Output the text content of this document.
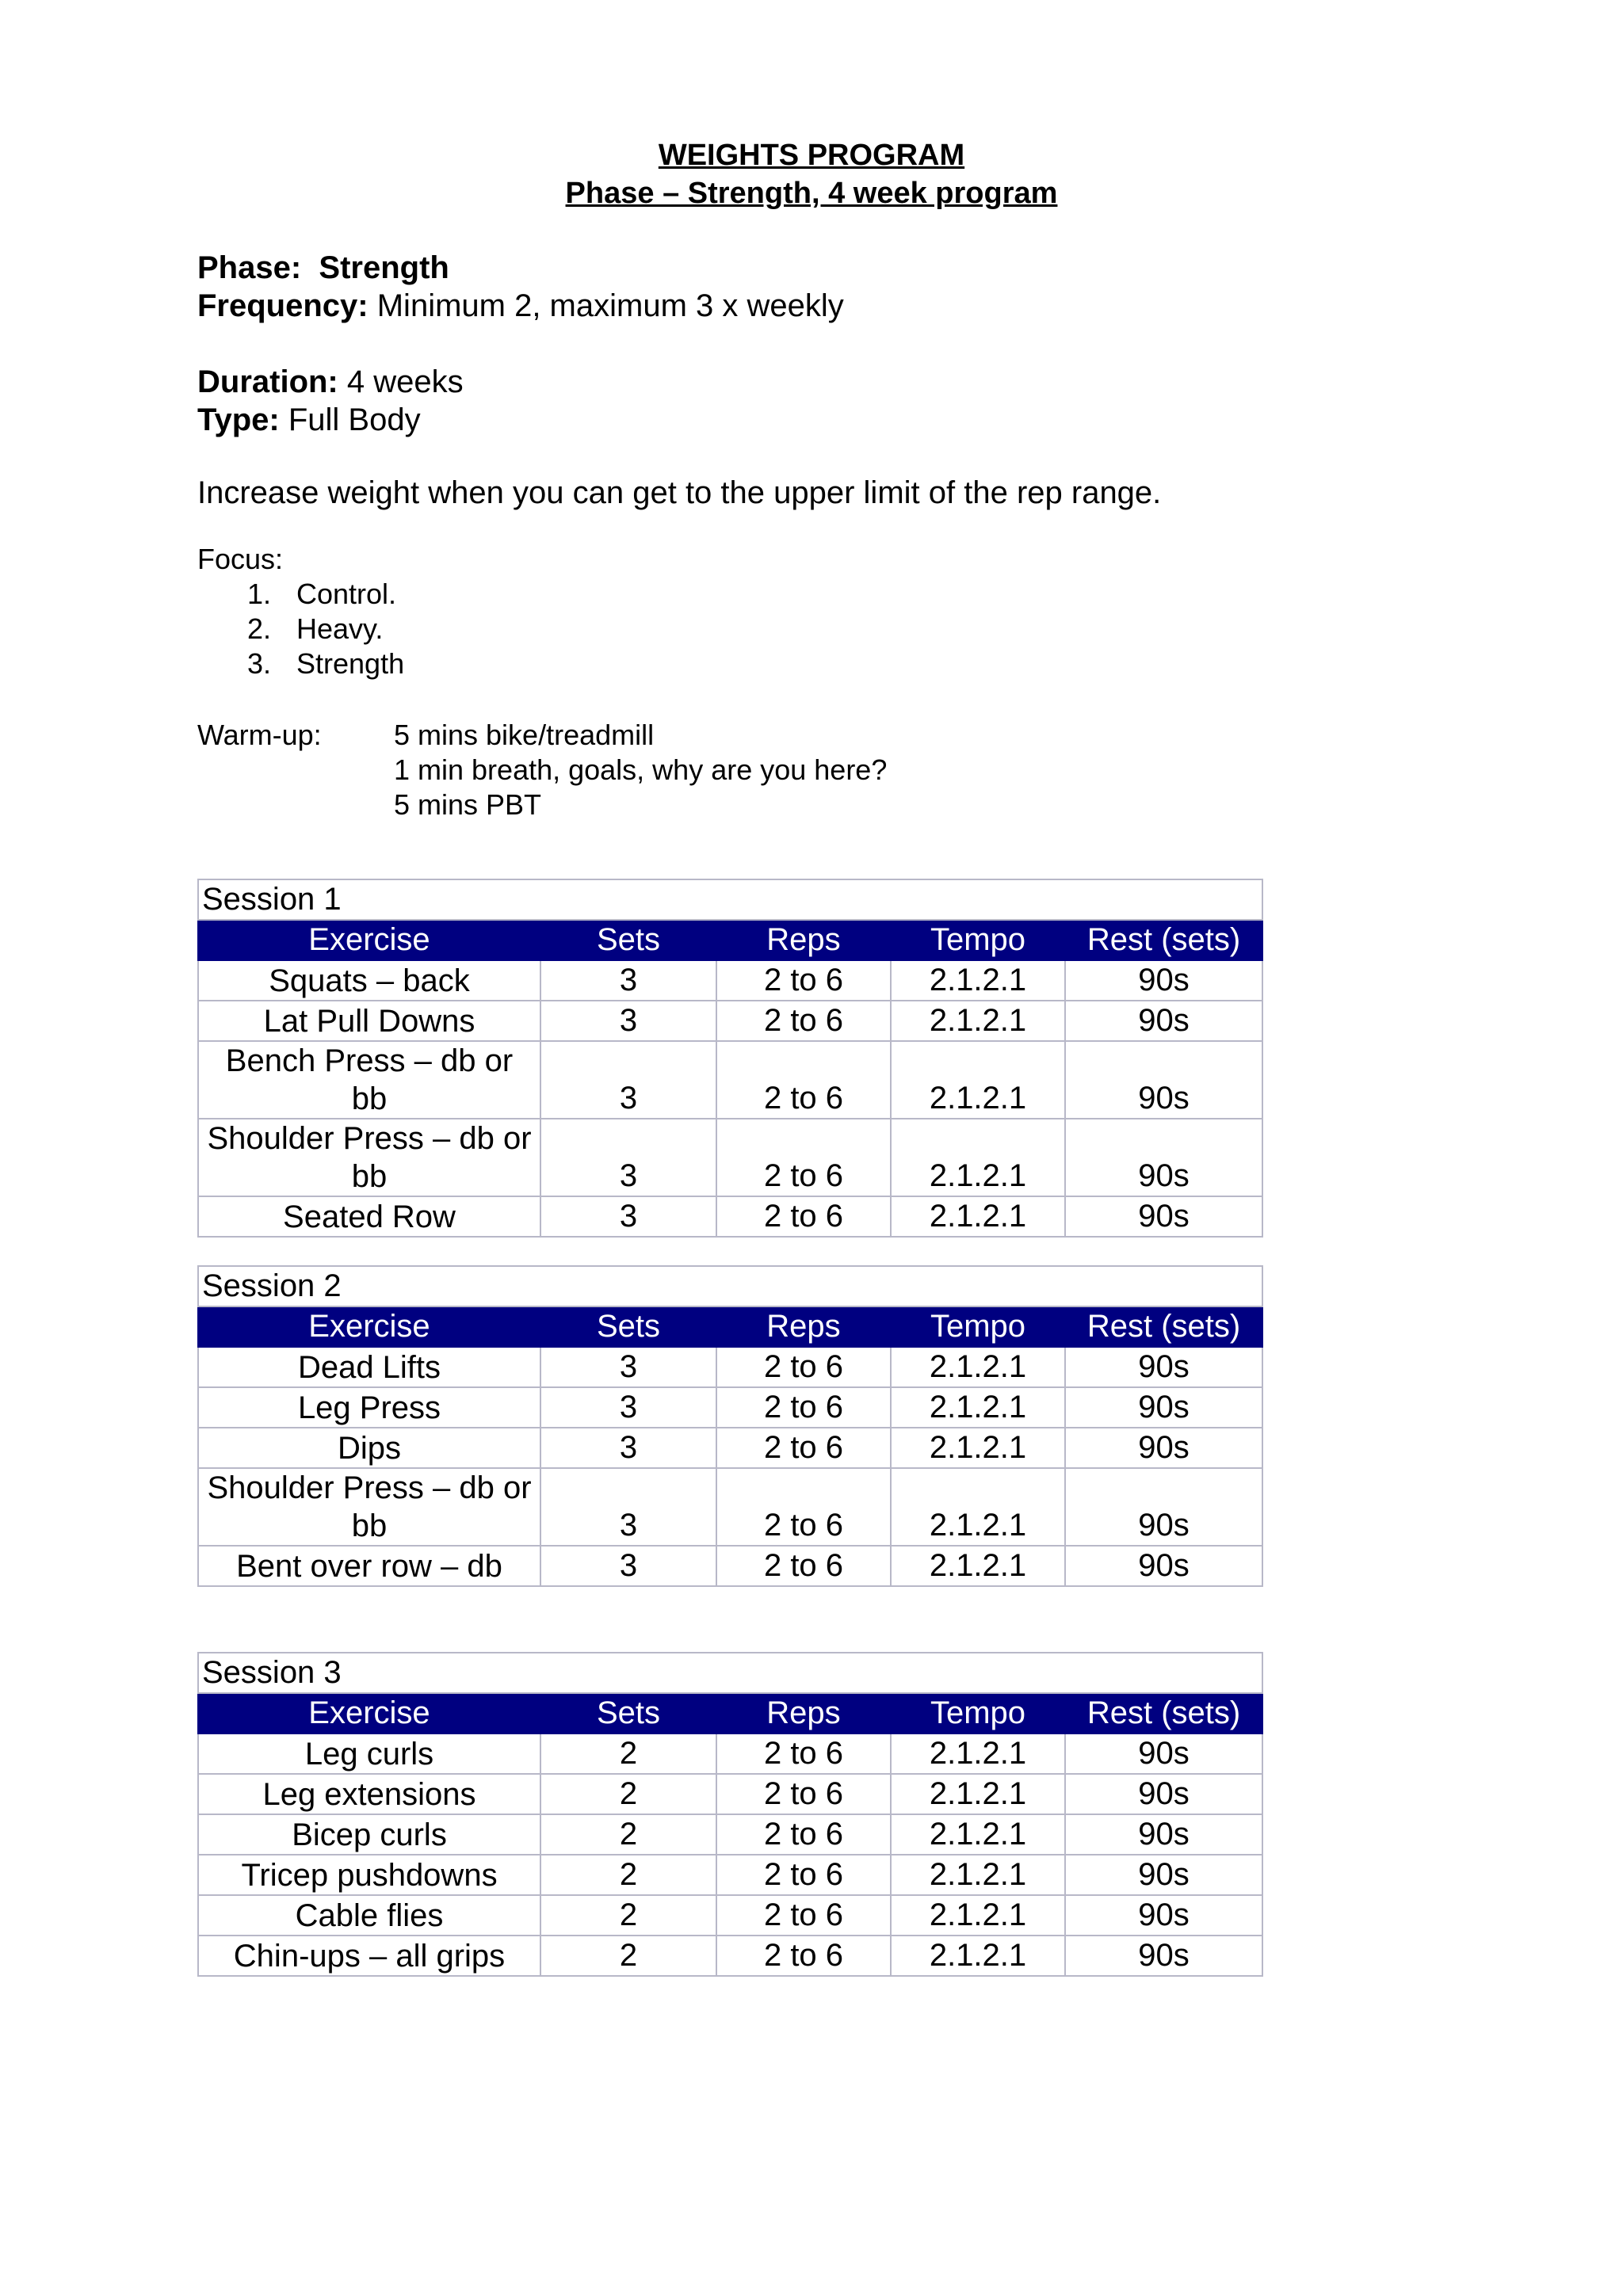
WEIGHTS PROGRAM
Phase – Strength, 4 week program
Phase: Strength
Frequency: Minimum 2, maximum 3 x weekly
Duration: 4 weeks
Type: Full Body
Increase weight when you can get to the upper limit of the rep range.
Focus:
1. Control.
2. Heavy.
3. Strength
Warm-up:	5 mins bike/treadmill
1 min breath, goals, why are you here?
5 mins PBT
Session 1				
Exercise	Sets	Reps	Tempo	Rest (sets)

Squats – back	3	2 to 6	2.1.2.1	90s

Lat Pull Downs	3	2 to 6	2.1.2.1	90s

Bench Press – db or
bb	3	2 to 6	2.1.2.1	90s

Shoulder Press – db or
bb	3	2 to 6	2.1.2.1	90s

Seated Row	3	2 to 6	2.1.2.1	90s
Session 2				
Exercise	Sets	Reps	Tempo	Rest (sets)

Dead Lifts	3	2 to 6	2.1.2.1	90s

Leg Press	3	2 to 6	2.1.2.1	90s

Dips	3	2 to 6	2.1.2.1	90s

Shoulder Press – db or
bb	3	2 to 6	2.1.2.1	90s

Bent over row – db	3	2 to 6	2.1.2.1	90s
Session 3				
Exercise	Sets	Reps	Tempo	Rest (sets)

Leg curls	2	2 to 6	2.1.2.1	90s

Leg extensions	2	2 to 6	2.1.2.1	90s

Bicep curls	2	2 to 6	2.1.2.1	90s

Tricep pushdowns	2	2 to 6	2.1.2.1	90s

Cable flies	2	2 to 6	2.1.2.1	90s

Chin-ups – all grips	2	2 to 6	2.1.2.1	90s
